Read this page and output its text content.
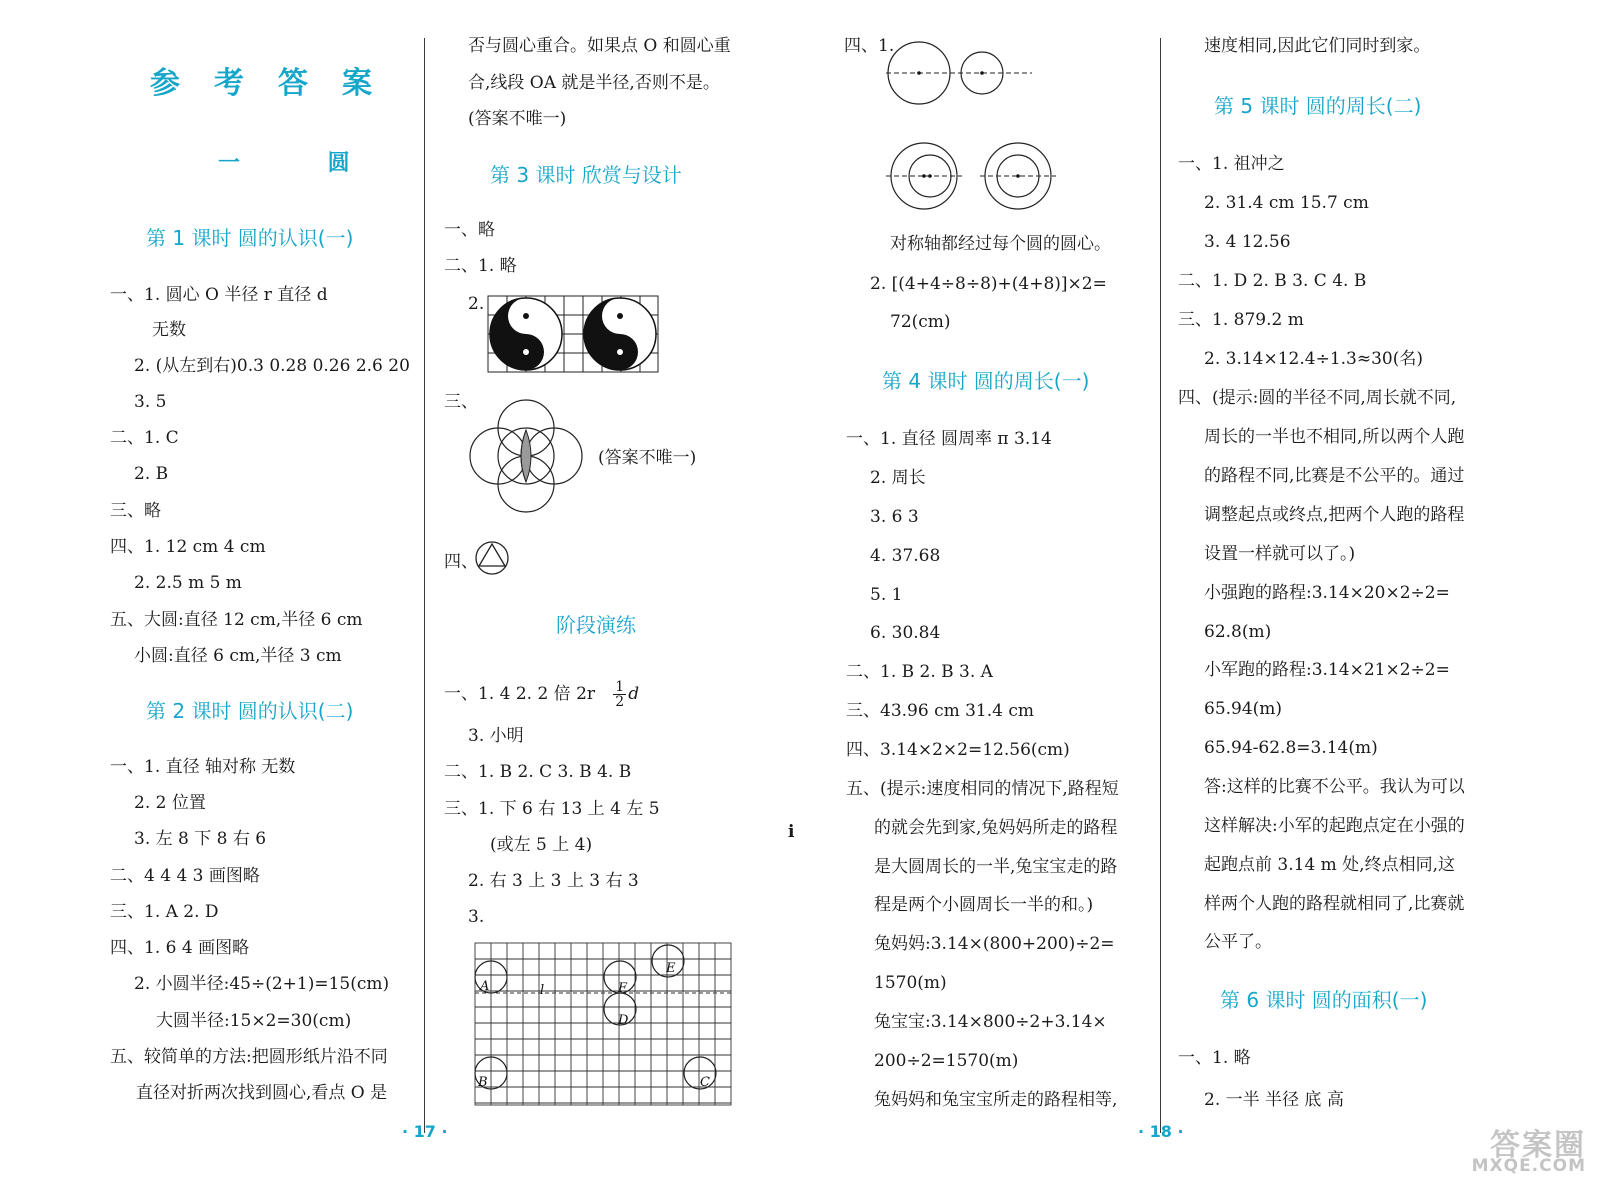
参考答案
一 圆
第 1 课时 圆的认识(一)
一、1. 圆心 O 半径 r 直径 d
无数
2. (从左到右)0.3 0.28 0.26 2.6 20
3. 5
二、1. C
2. B
三、略
四、1. 12 cm 4 cm
2. 2.5 m 5 m
五、大圆:直径 12 cm,半径 6 cm
小圆:直径 6 cm,半径 3 cm
第 2 课时 圆的认识(二)
一、1. 直径 轴对称 无数
2. 2 位置
3. 左 8 下 8 右 6
二、4 4 4 3 画图略
三、1. A 2. D
四、1. 6 4 画图略
2. 小圆半径:45÷(2+1)=15(cm)
大圆半径:15×2=30(cm)
五、较简单的方法:把圆形纸片沿不同
直径对折两次找到圆心,看点 O 是
否与圆心重合。如果点 O 和圆心重
合,线段 OA 就是半径,否则不是。
(答案不唯一)
第 3 课时 欣赏与设计
一、略
二、1. 略
2.
三、
(答案不唯一)
四、
阶段演练
一、1. 4 2. 2 倍 $2r \frac{1}{2}$ d
3. 小明
二、1. B 2. C 3. B 4. B
三、1. 下 6 右 13 上 4 左 5
(或左 5 上 4)
2. 右 3 上 3 上 3 右 3
3.
A	l	F
E
D
B	C
ⅰ
四、1.
对称轴都经过每个圆的圆心。
2. [(4+4÷8÷8)+(4+8)]×2=
72(cm)
第 4 课时 圆的周长(一)
一、1. 直径 圆周率 π 3.14
2. 周长
3. 6 3
4. 37.68
5. 1
6. 30.84
二、1. B 2. B 3. A
三、43.96 cm 31.4 cm
四、3.14×2×2=12.56(cm)
五、(提示:速度相同的情况下,路程短
的就会先到家,兔妈妈所走的路程
是大圆周长的一半,兔宝宝走的路
程是两个小圆周长一半的和。)
兔妈妈:3.14×(800+200)÷2=
1570(m)
兔宝宝:3.14×800÷2+3.14×
200÷2=1570(m)
兔妈妈和兔宝宝所走的路程相等,
速度相同,因此它们同时到家。
第 5 课时 圆的周长(二)
一、1. 祖冲之
2. 31.4 cm 15.7 cm
3. 4 12.56
二、1. D 2. B 3. C 4. B
三、1. 879.2 m
2. 3.14×12.4÷1.3≈30(名)
四、(提示:圆的半径不同,周长就不同,
周长的一半也不相同,所以两个人跑
的路程不同,比赛是不公平的。通过
调整起点或终点,把两个人跑的路程
设置一样就可以了。)
小强跑的路程:3.14×20×2÷2=
62.8(m)
小军跑的路程:3.14×21×2÷2=
65.94(m)
65.94-62.8=3.14(m)
答:这样的比赛不公平。我认为可以
这样解决:小军的起跑点定在小强的
起跑点前 3.14 m 处,终点相同,这
样两个人跑的路程就相同了,比赛就
公平了。
第 6 课时 圆的面积(一)
一、1. 略
2. 一半 半径 底 高
· 17 ·	· 18 ·	答案圈
MXQE.COM
